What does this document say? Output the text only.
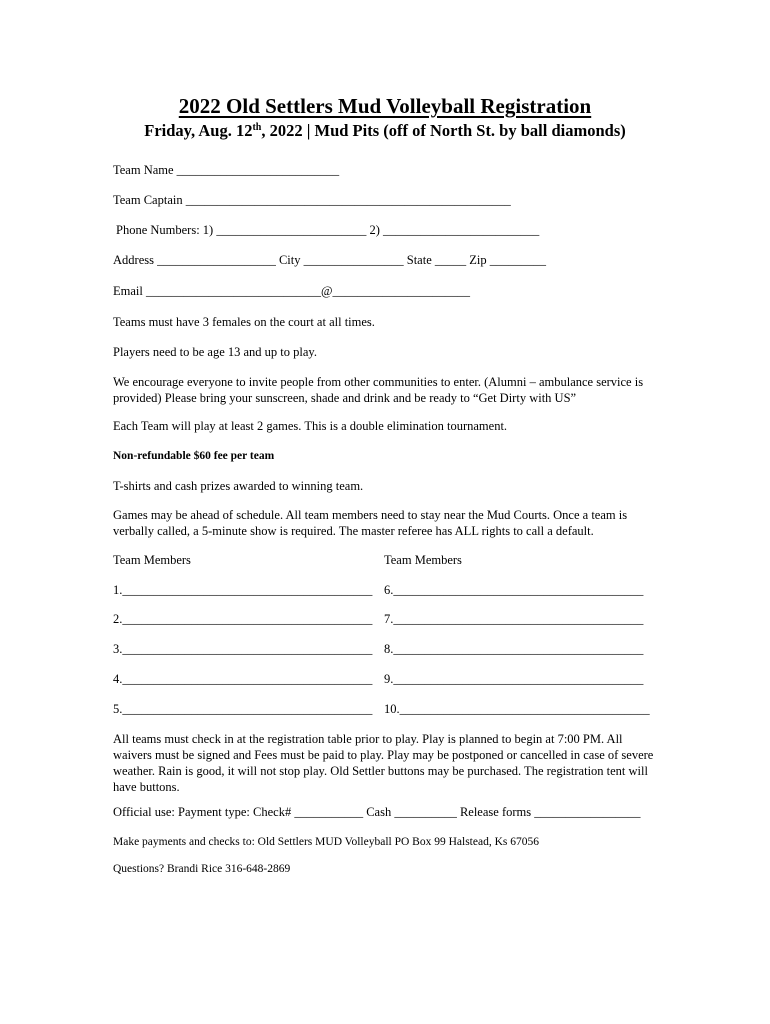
2022 Old Settlers Mud Volleyball Registration
Friday, Aug. 12th, 2022 | Mud Pits (off of North St. by ball diamonds)
Team Name __________________________
Team Captain ____________________________________________________
Phone Numbers: 1) ________________________ 2) _________________________
Address ___________________ City ________________ State _____ Zip _________
Email ____________________________@______________________
Teams must have 3 females on the court at all times.
Players need to be age 13 and up to play.
We encourage everyone to invite people from other communities to enter. (Alumni – ambulance service is provided) Please bring your sunscreen, shade and drink and be ready to “Get Dirty with US”
Each Team will play at least 2 games. This is a double elimination tournament.
Non-refundable $60 fee per team
T-shirts and cash prizes awarded to winning team.
Games may be ahead of schedule. All team members need to stay near the Mud Courts. Once a team is verbally called, a 5-minute show is required. The master referee has ALL rights to call a default.
Team Members	Team Members
1.________________________________________ 6.________________________________________
2.________________________________________ 7.________________________________________
3.________________________________________ 8.________________________________________
4.________________________________________ 9.________________________________________
5.________________________________________ 10.________________________________________
All teams must check in at the registration table prior to play. Play is planned to begin at 7:00 PM. All waivers must be signed and Fees must be paid to play. Play may be postponed or cancelled in case of severe weather. Rain is good, it will not stop play. Old Settler buttons may be purchased. The registration tent will have buttons.
Official use: Payment type: Check# ___________ Cash __________ Release forms _________________
Make payments and checks to: Old Settlers MUD Volleyball PO Box 99 Halstead, Ks 67056
Questions? Brandi Rice 316-648-2869
